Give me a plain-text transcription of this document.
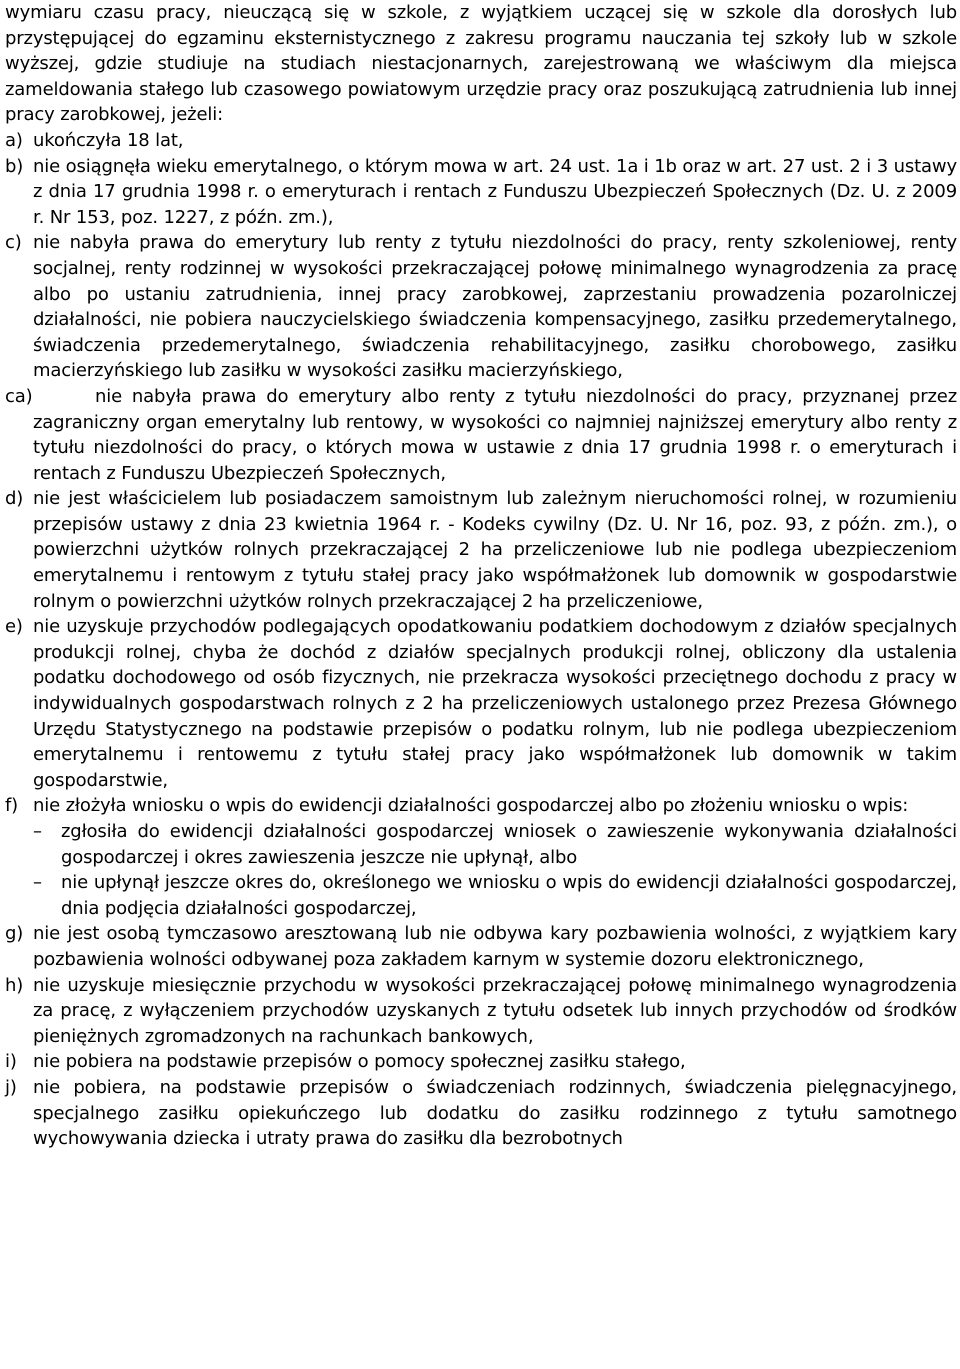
wymiaru czasu pracy, nieuczącą się w szkole, z wyjątkiem uczącej się w szkole dla dorosłych lub przystępującej do egzaminu eksternistycznego z zakresu programu nauczania tej szkoły lub w szkole wyższej, gdzie studiuje na studiach niestacjonarnych, zarejestrowaną we właściwym dla miejsca zameldowania stałego lub czasowego powiatowym urzędzie pracy oraz poszukującą zatrudnienia lub innej pracy zarobkowej, jeżeli:

a) ukończyła 18 lat,
b) nie osiągnęła wieku emerytalnego, o którym mowa w art. 24 ust. 1a i 1b oraz w art. 27 ust. 2 i 3 ustawy z dnia 17 grudnia 1998 r. o emeryturach i rentach z Funduszu Ubezpieczeń Społecznych (Dz. U. z 2009 r. Nr 153, poz. 1227, z późn. zm.),
c) nie nabyła prawa do emerytury lub renty z tytułu niezdolności do pracy, renty szkoleniowej, renty socjalnej, renty rodzinnej w wysokości przekraczającej połowę minimalnego wynagrodzenia za pracę albo po ustaniu zatrudnienia, innej pracy zarobkowej, zaprzestaniu prowadzenia pozarolniczej działalności, nie pobiera nauczycielskiego świadczenia kompensacyjnego, zasiłku przedemerytalnego, świadczenia przedemerytalnego, świadczenia rehabilitacyjnego, zasiłku chorobowego, zasiłku macierzyńskiego lub zasiłku w wysokości zasiłku macierzyńskiego,
ca)	nie nabyła prawa do emerytury albo renty z tytułu niezdolności do pracy, przyznanej przez zagraniczny organ emerytalny lub rentowy, w wysokości co najmniej najniższej emerytury albo renty z tytułu niezdolności do pracy, o których mowa w ustawie z dnia 17 grudnia 1998 r. o emeryturach i rentach z Funduszu Ubezpieczeń Społecznych,
d) nie jest właścicielem lub posiadaczem samoistnym lub zależnym nieruchomości rolnej, w rozumieniu przepisów ustawy z dnia 23 kwietnia 1964 r. - Kodeks cywilny (Dz. U. Nr 16, poz. 93, z późn. zm.), o powierzchni użytków rolnych przekraczającej 2 ha przeliczeniowe lub nie podlega ubezpieczeniom emerytalnemu i rentowym z tytułu stałej pracy jako współmałżonek lub domownik w gospodarstwie rolnym o powierzchni użytków rolnych przekraczającej 2 ha przeliczeniowe,
e) nie uzyskuje przychodów podlegających opodatkowaniu podatkiem dochodowym z działów specjalnych produkcji rolnej, chyba że dochód z działów specjalnych produkcji rolnej, obliczony dla ustalenia podatku dochodowego od osób fizycznych, nie przekracza wysokości przeciętnego dochodu z pracy w indywidualnych gospodarstwach rolnych z 2 ha przeliczeniowych ustalonego przez Prezesa Głównego Urzędu Statystycznego na podstawie przepisów o podatku rolnym, lub nie podlega ubezpieczeniom emerytalnemu i rentowemu z tytułu stałej pracy jako współmałżonek lub domownik w takim gospodarstwie,
f) nie złożyła wniosku o wpis do ewidencji działalności gospodarczej albo po złożeniu wniosku o wpis:
–	zgłosiła do ewidencji działalności gospodarczej wniosek o zawieszenie wykonywania działalności gospodarczej i okres zawieszenia jeszcze nie upłynął, albo
–	nie upłynął jeszcze okres do, określonego we wniosku o wpis do ewidencji działalności gospodarczej, dnia podjęcia działalności gospodarczej,
g) nie jest osobą tymczasowo aresztowaną lub nie odbywa kary pozbawienia wolności, z wyjątkiem kary pozbawienia wolności odbywanej poza zakładem karnym w systemie dozoru elektronicznego,
h) nie uzyskuje miesięcznie przychodu w wysokości przekraczającej połowę minimalnego wynagrodzenia za pracę, z wyłączeniem przychodów uzyskanych z tytułu odsetek lub innych przychodów od środków pieniężnych zgromadzonych na rachunkach bankowych,
i) nie pobiera na podstawie przepisów o pomocy społecznej zasiłku stałego,
j) nie pobiera, na podstawie przepisów o świadczeniach rodzinnych, świadczenia pielęgnacyjnego, specjalnego zasiłku opiekuńczego lub dodatku do zasiłku rodzinnego z tytułu samotnego wychowywania dziecka i utraty prawa do zasiłku dla bezrobotnych
